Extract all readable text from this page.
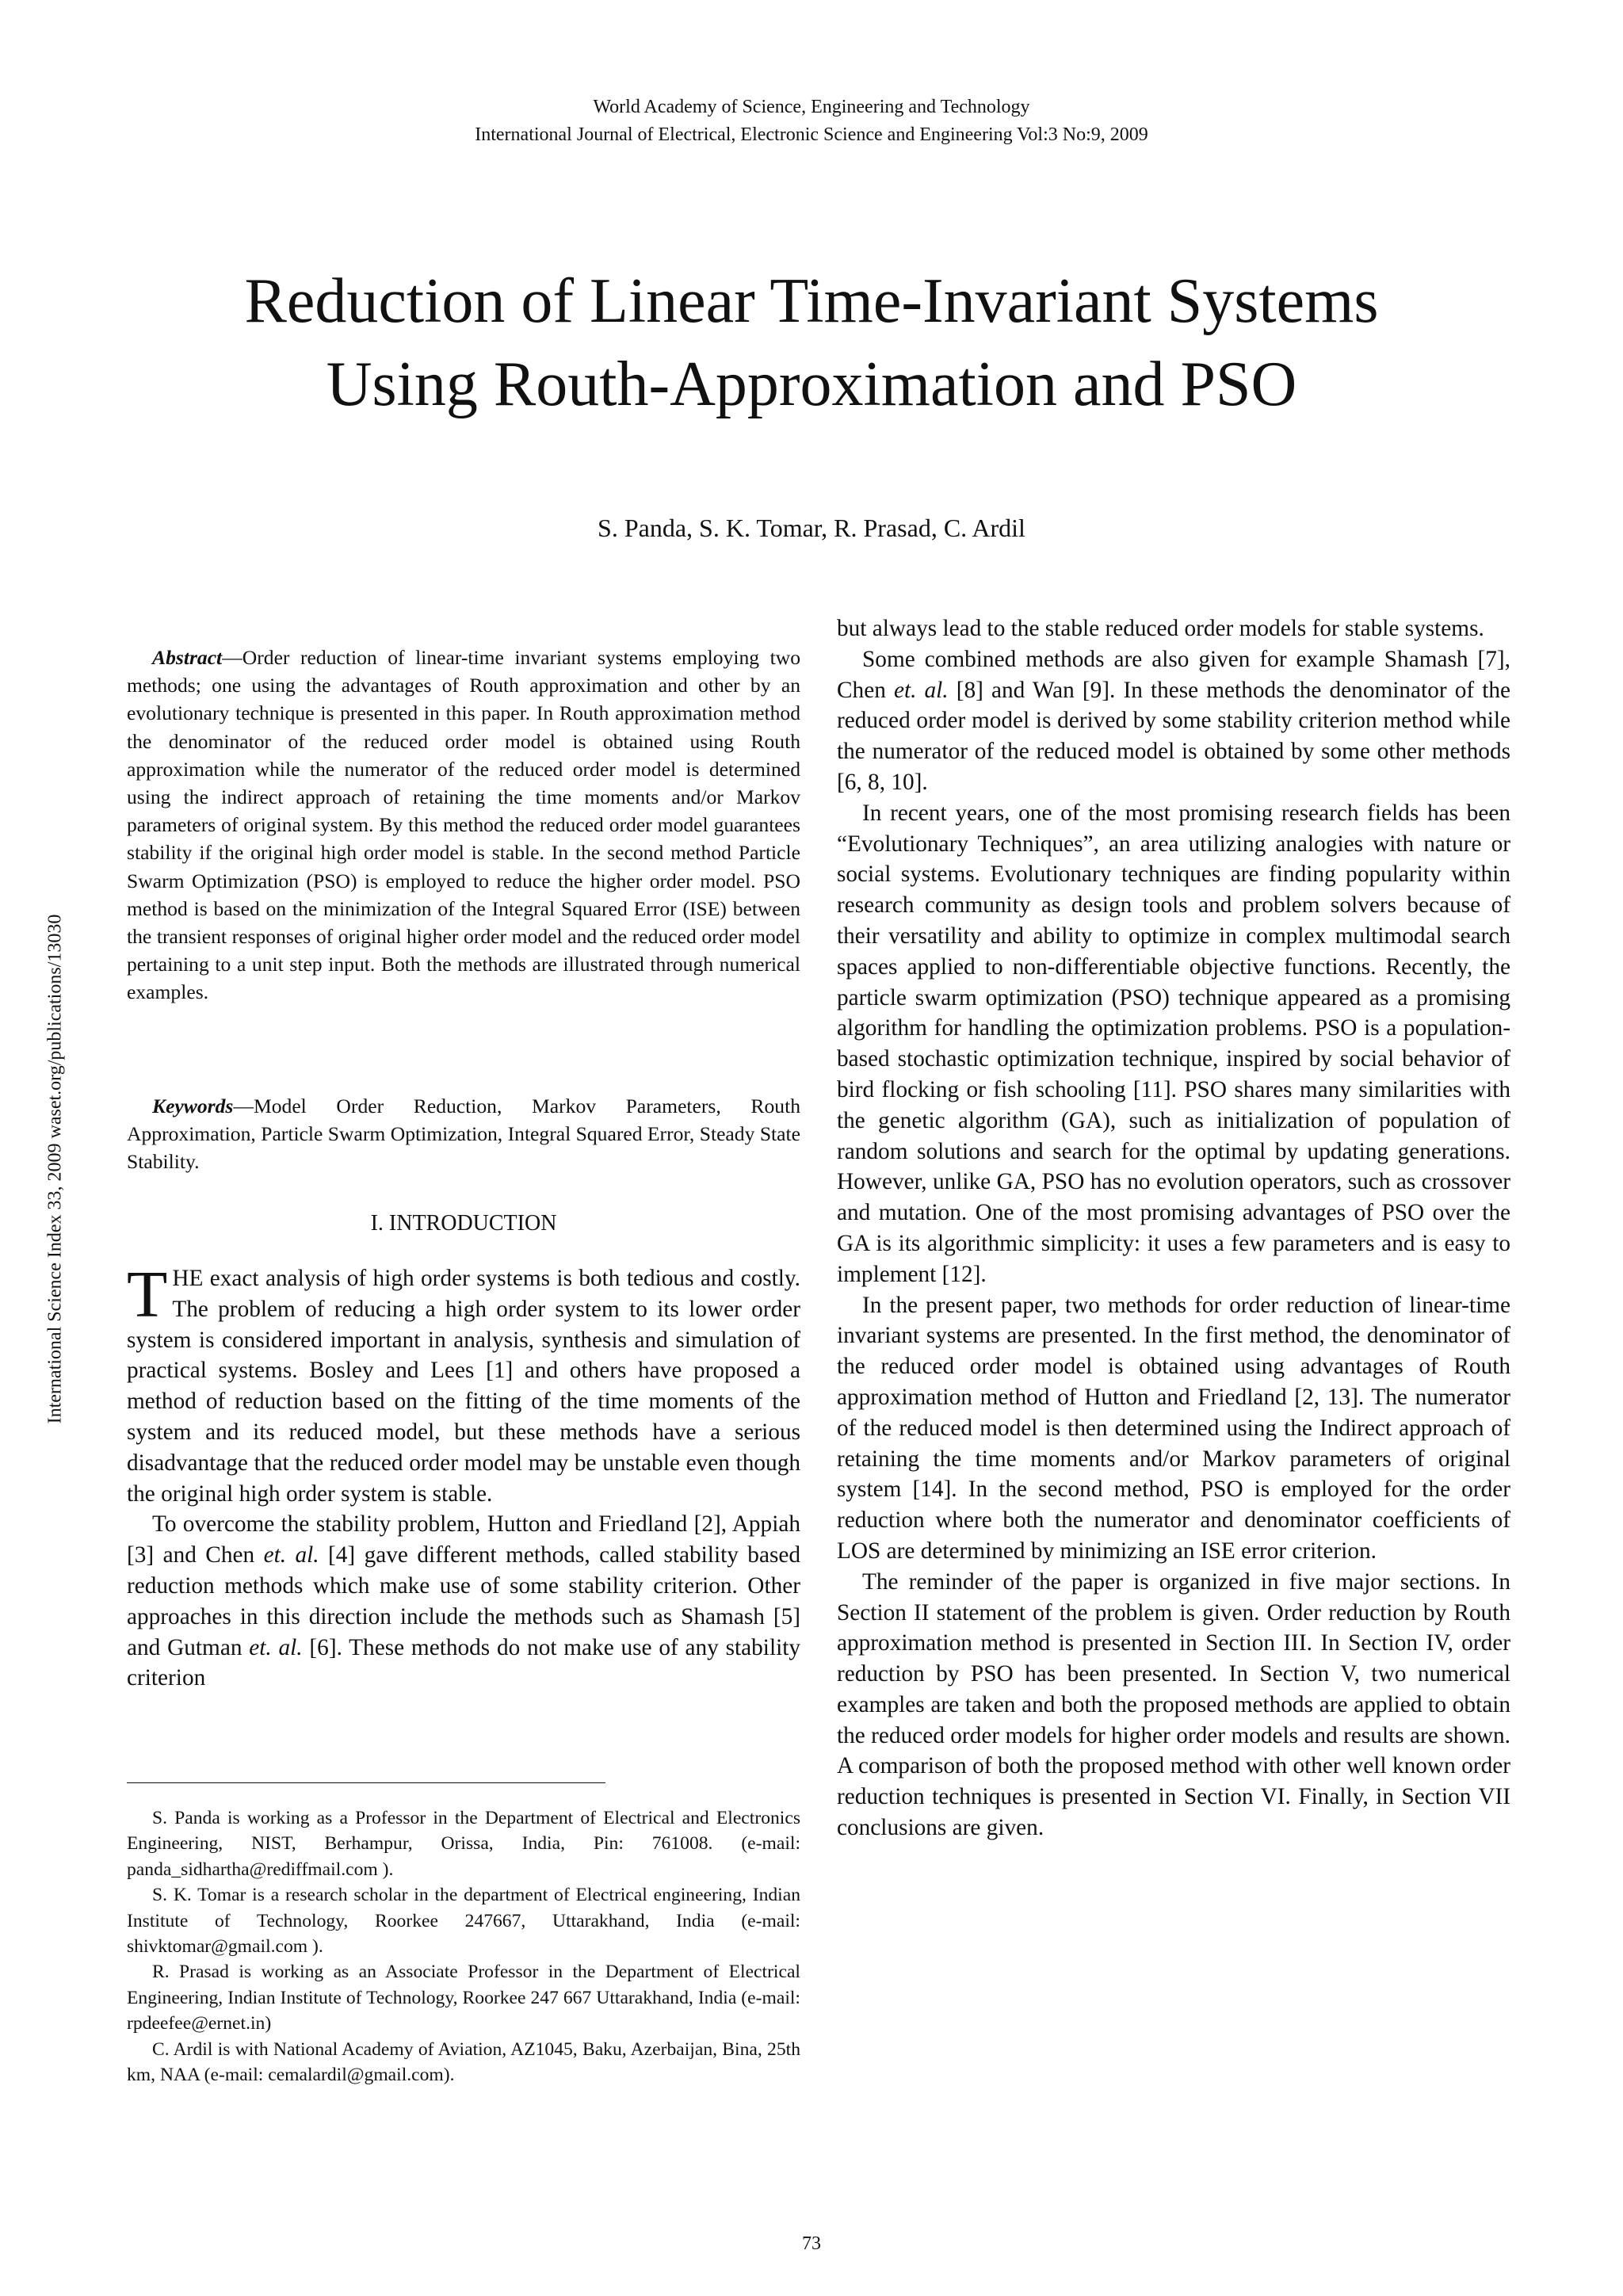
World Academy of Science, Engineering and Technology
International Journal of Electrical, Electronic Science and Engineering Vol:3 No:9, 2009
Reduction of Linear Time-Invariant Systems
Using Routh-Approximation and PSO
S. Panda, S. K. Tomar, R. Prasad, C. Ardil
International Science Index 33, 2009 waset.org/publications/13030

Abstract—Order reduction of linear-time invariant systems employing two methods; one using the advantages of Routh approximation and other by an evolutionary technique is presented in this paper. In Routh approximation method the denominator of the reduced order model is obtained using Routh approximation while the numerator of the reduced order model is determined using the indirect approach of retaining the time moments and/or Markov parameters of original system. By this method the reduced order model guarantees stability if the original high order model is stable. In the second method Particle Swarm Optimization (PSO) is employed to reduce the higher order model. PSO method is based on the minimization of the Integral Squared Error (ISE) between the transient responses of original higher order model and the reduced order model pertaining to a unit step input. Both the methods are illustrated through numerical examples.

Keywords—Model Order Reduction, Markov Parameters, Routh Approximation, Particle Swarm Optimization, Integral Squared Error, Steady State Stability.

I. INTRODUCTION

THE exact analysis of high order systems is both tedious and costly. The problem of reducing a high order system to its lower order system is considered important in analysis, synthesis and simulation of practical systems. Bosley and Lees [1] and others have proposed a method of reduction based on the fitting of the time moments of the system and its reduced model, but these methods have a serious disadvantage that the reduced order model may be unstable even though the original high order system is stable.

To overcome the stability problem, Hutton and Friedland [2], Appiah [3] and Chen et. al. [4] gave different methods, called stability based reduction methods which make use of some stability criterion. Other approaches in this direction include the methods such as Shamash [5] and Gutman et. al. [6]. These methods do not make use of any stability criterion

S. Panda is working as a Professor in the Department of Electrical and Electronics Engineering, NIST, Berhampur, Orissa, India, Pin: 761008. (e-mail: panda_sidhartha@rediffmail.com ).

S. K. Tomar is a research scholar in the department of Electrical engineering, Indian Institute of Technology, Roorkee 247667, Uttarakhand, India (e-mail: shivktomar@gmail.com ).

R. Prasad is working as an Associate Professor in the Department of Electrical Engineering, Indian Institute of Technology, Roorkee 247 667 Uttarakhand, India (e-mail: rpdeefee@ernet.in)

C. Ardil is with National Academy of Aviation, AZ1045, Baku, Azerbaijan, Bina, 25th km, NAA (e-mail: cemalardil@gmail.com).

but always lead to the stable reduced order models for stable systems.

Some combined methods are also given for example Shamash [7], Chen et. al. [8] and Wan [9]. In these methods the denominator of the reduced order model is derived by some stability criterion method while the numerator of the reduced model is obtained by some other methods [6, 8, 10].

In recent years, one of the most promising research fields has been “Evolutionary Techniques”, an area utilizing analogies with nature or social systems. Evolutionary techniques are finding popularity within research community as design tools and problem solvers because of their versatility and ability to optimize in complex multimodal search spaces applied to non-differentiable objective functions. Recently, the particle swarm optimization (PSO) technique appeared as a promising algorithm for handling the optimization problems. PSO is a population-based stochastic optimization technique, inspired by social behavior of bird flocking or fish schooling [11]. PSO shares many similarities with the genetic algorithm (GA), such as initialization of population of random solutions and search for the optimal by updating generations. However, unlike GA, PSO has no evolution operators, such as crossover and mutation. One of the most promising advantages of PSO over the GA is its algorithmic simplicity: it uses a few parameters and is easy to implement [12].

In the present paper, two methods for order reduction of linear-time invariant systems are presented. In the first method, the denominator of the reduced order model is obtained using advantages of Routh approximation method of Hutton and Friedland [2, 13]. The numerator of the reduced model is then determined using the Indirect approach of retaining the time moments and/or Markov parameters of original system [14]. In the second method, PSO is employed for the order reduction where both the numerator and denominator coefficients of LOS are determined by minimizing an ISE error criterion.

The reminder of the paper is organized in five major sections. In Section II statement of the problem is given. Order reduction by Routh approximation method is presented in Section III. In Section IV, order reduction by PSO has been presented. In Section V, two numerical examples are taken and both the proposed methods are applied to obtain the reduced order models for higher order models and results are shown. A comparison of both the proposed method with other well known order reduction techniques is presented in Section VI. Finally, in Section VII conclusions are given.

73
